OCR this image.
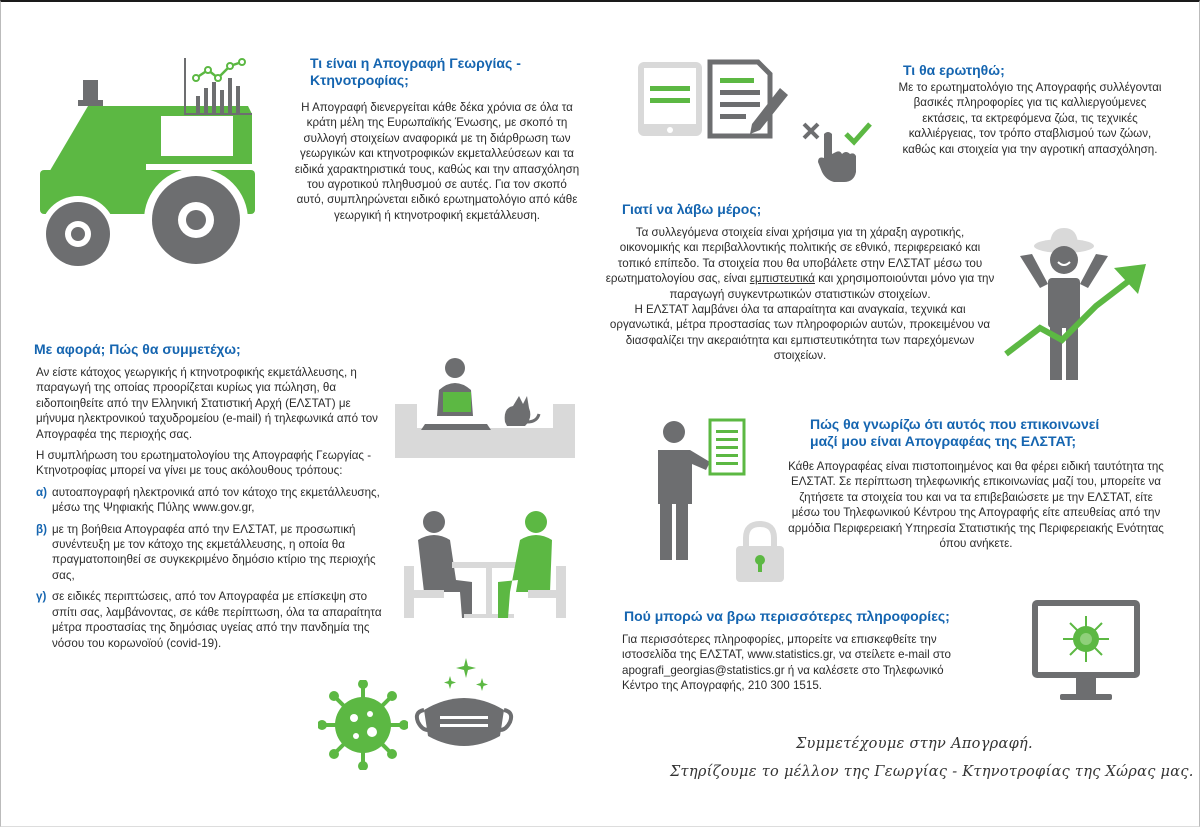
Τι είναι η Απογραφή Γεωργίας - Κτηνοτροφίας;
Η Απογραφή διενεργείται κάθε δέκα χρόνια σε όλα τα κράτη μέλη της Ευρωπαϊκής Ένωσης, με σκοπό τη συλλογή στοιχείων αναφορικά με τη διάρθρωση των γεωργικών και κτηνοτροφικών εκμεταλλεύσεων και τα ειδικά χαρακτηριστικά τους, καθώς και την απασχόληση του αγροτικού πληθυσμού σε αυτές. Για τον σκοπό αυτό, συμπληρώνεται ειδικό ερωτηματολόγιο από κάθε γεωργική ή κτηνοτροφική εκμετάλλευση.
Με αφορά; Πώς θα συμμετέχω;
Αν είστε κάτοχος γεωργικής ή κτηνοτροφικής εκμετάλλευσης, η παραγωγή της οποίας προορίζεται κυρίως για πώληση, θα ειδοποιηθείτε από την Ελληνική Στατιστική Αρχή (ΕΛΣΤΑΤ) με μήνυμα ηλεκτρονικού ταχυδρομείου (e-mail) ή τηλεφωνικά από τον Απογραφέα της περιοχής σας.
Η συμπλήρωση του ερωτηματολογίου της Απογραφής Γεωργίας - Κτηνοτροφίας μπορεί να γίνει με τους ακόλουθους τρόπους:
α) αυτοαπογραφή ηλεκτρονικά από τον κάτοχο της εκμετάλλευσης, μέσω της Ψηφιακής Πύλης www.gov.gr,
β) με τη βοήθεια Απογραφέα από την ΕΛΣΤΑΤ, με προσωπική συνέντευξη με τον κάτοχο της εκμετάλλευσης, η οποία θα πραγματοποιηθεί σε συγκεκριμένο δημόσιο κτίριο της περιοχής σας,
γ) σε ειδικές περιπτώσεις, από τον Απογραφέα με επίσκεψη στο σπίτι σας, λαμβάνοντας, σε κάθε περίπτωση, όλα τα απαραίτητα μέτρα προστασίας της δημόσιας υγείας από την πανδημία της νόσου του κορωνοϊού (covid-19).
Τι θα ερωτηθώ;
Με το ερωτηματολόγιο της Απογραφής συλλέγονται βασικές πληροφορίες για τις καλλιεργούμενες εκτάσεις, τα εκτρεφόμενα ζώα, τις τεχνικές καλλιέργειας, τον τρόπο σταβλισμού των ζώων, καθώς και στοιχεία για την αγροτική απασχόληση.
Γιατί να λάβω μέρος;
Τα συλλεγόμενα στοιχεία είναι χρήσιμα για τη χάραξη αγροτικής, οικονομικής και περιβαλλοντικής πολιτικής σε εθνικό, περιφερειακό και τοπικό επίπεδο. Τα στοιχεία που θα υποβάλετε στην ΕΛΣΤΑΤ μέσω του ερωτηματολογίου σας, είναι εμπιστευτικά και χρησιμοποιούνται μόνο για την παραγωγή συγκεντρωτικών στατιστικών στοιχείων.
Η ΕΛΣΤΑΤ λαμβάνει όλα τα απαραίτητα και αναγκαία, τεχνικά και οργανωτικά, μέτρα προστασίας των πληροφοριών αυτών, προκειμένου να διασφαλίζει την ακεραιότητα και εμπιστευτικότητα των παρεχόμενων στοιχείων.
Πώς θα γνωρίζω ότι αυτός που επικοινωνεί μαζί μου είναι Απογραφέας της ΕΛΣΤΑΤ;
Κάθε Απογραφέας είναι πιστοποιημένος και θα φέρει ειδική ταυτότητα της ΕΛΣΤΑΤ. Σε περίπτωση τηλεφωνικής επικοινωνίας μαζί του, μπορείτε να ζητήσετε τα στοιχεία του και να τα επιβεβαιώσετε με την ΕΛΣΤΑΤ, είτε μέσω του Τηλεφωνικού Κέντρου της Απογραφής είτε απευθείας από την αρμόδια Περιφερειακή Υπηρεσία Στατιστικής της Περιφερειακής Ενότητας όπου ανήκετε.
Πού μπορώ να βρω περισσότερες πληροφορίες;
Για περισσότερες πληροφορίες, μπορείτε να επισκεφθείτε την ιστοσελίδα της ΕΛΣΤΑΤ, www.statistics.gr, να στείλετε e-mail στο apografi_georgias@statistics.gr ή να καλέσετε στο Τηλεφωνικό Κέντρο της Απογραφής, 210 300 1515.
Συμμετέχουμε στην Απογραφή.
Στηρίζουμε το μέλλον της Γεωργίας - Κτηνοτροφίας της Χώρας μας.
